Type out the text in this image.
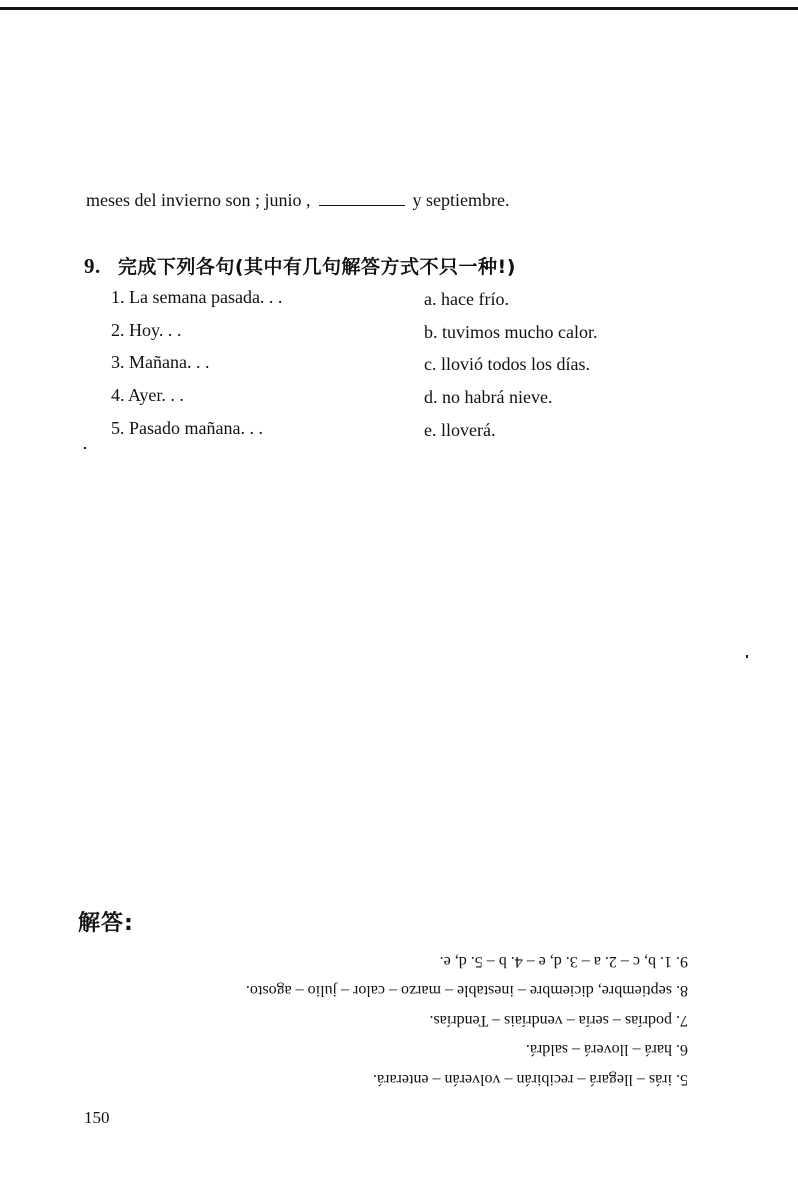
meses del invierno son ; junio ,	y septiembre.
9. 完成下列各句(其中有几句解答方式不只一种!)
1. La semana pasada. . .
2. Hoy. . .
3. Mañana. . .
4. Ayer. . .
5. Pasado mañana. . .
a. hace frío.
b. tuvimos mucho calor.
c. llovió todos los días.
d. no habrá nieve.
e. lloverá.
解答:
5. irás – llegará – recibirán – volverán – enterará.
6. hará – lloverá – saldrá.
7. podrías – sería – vendríais – Tendrías.
8. septiembre, diciembre – inestable – marzo – calor – julio – agosto.
9. 1. b, c – 2. a – 3. d, e – 4. b – 5. d, e.
150
